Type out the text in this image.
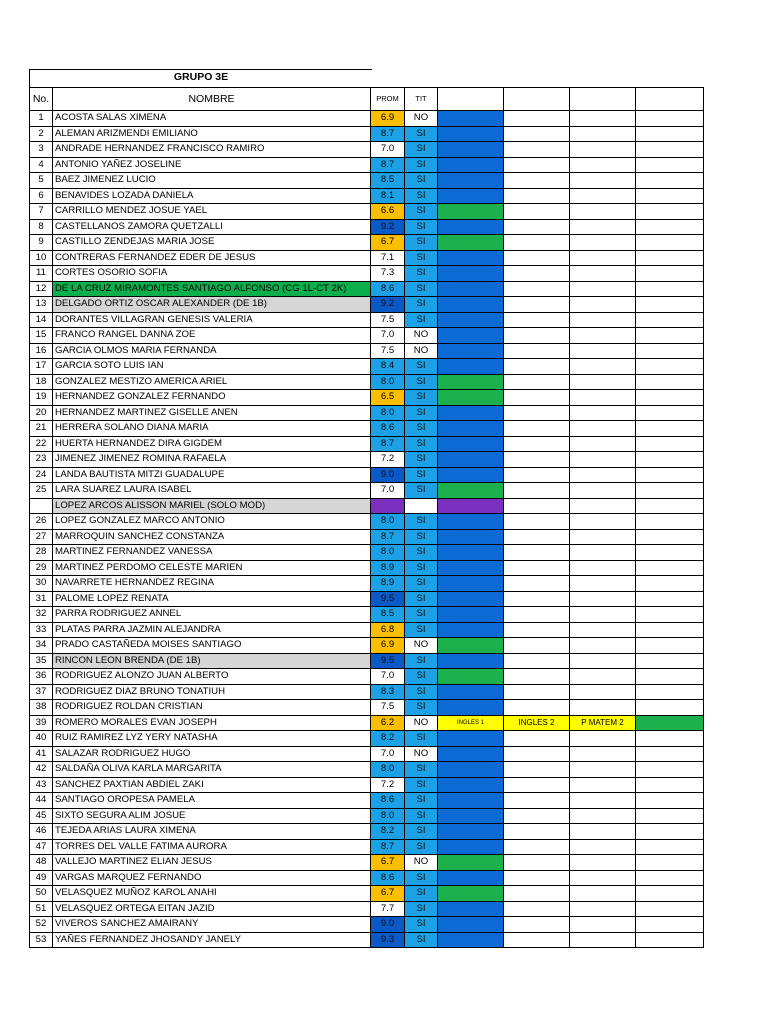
GRUPO 3E
No.	NOMBRE	PROM	TIT				
1	ACOSTA SALAS XIMENA	6.9	NO				
2	ALEMAN ARIZMENDI EMILIANO	8.7	SI				
3	ANDRADE HERNANDEZ FRANCISCO RAMIRO	7.0	SI				
4	ANTONIO YAÑEZ JOSELINE	8.7	SI				
5	BAEZ JIMENEZ LUCIO	8.5	SI				
6	BENAVIDES LOZADA DANIELA	8.1	SI				
7	CARRILLO MENDEZ JOSUE YAEL	6.6	SI				
8	CASTELLANOS ZAMORA QUETZALLI	9.2	SI				
9	CASTILLO ZENDEJAS MARIA JOSE	6.7	SI				
10	CONTRERAS FERNANDEZ EDER DE JESUS	7.1	SI				
11	CORTES OSORIO SOFIA	7.3	SI				
12	DE LA CRUZ MIRAMONTES SANTIAGO ALFONSO (CG 1L-CT 2K)	8.6	SI				
13	DELGADO ORTIZ OSCAR ALEXANDER (DE 1B)	9.2	SI				
14	DORANTES VILLAGRAN GENESIS VALERIA	7.5	SI				
15	FRANCO RANGEL DANNA ZOE	7.0	NO				
16	GARCIA OLMOS MARIA FERNANDA	7.5	NO				
17	GARCIA SOTO LUIS IAN	8.4	SI				
18	GONZALEZ MESTIZO AMERICA ARIEL	8.0	SI				
19	HERNANDEZ GONZALEZ FERNANDO	6.5	SI				
20	HERNANDEZ MARTINEZ GISELLE ANEN	8.0	SI				
21	HERRERA SOLANO DIANA MARIA	8.6	SI				
22	HUERTA HERNANDEZ DIRA GIGDEM	8.7	SI				
23	JIMENEZ JIMENEZ ROMINA RAFAELA	7.2	SI				
24	LANDA BAUTISTA MITZI GUADALUPE	9.0	SI				
25	LARA SUAREZ LAURA ISABEL	7.0	SI				
	LOPEZ ARCOS ALISSON MARIEL (SOLO MOD)						
26	LOPEZ GONZALEZ MARCO ANTONIO	8.0	SI				
27	MARROQUIN SANCHEZ CONSTANZA	8.7	SI				
28	MARTINEZ FERNANDEZ VANESSA	8.0	SI				
29	MARTINEZ PERDOMO CELESTE MARIEN	8.9	SI				
30	NAVARRETE HERNANDEZ REGINA	8.9	SI				
31	PALOME LOPEZ RENATA	9.5	SI				
32	PARRA RODRIGUEZ ANNEL	8.5	SI				
33	PLATAS PARRA JAZMIN ALEJANDRA	6.8	SI				
34	PRADO CASTAÑEDA MOISES SANTIAGO	6.9	NO				
35	RINCON LEON BRENDA (DE 1B)	9.5	SI				
36	RODRIGUEZ ALONZO JUAN ALBERTO	7.0	SI				
37	RODRIGUEZ DIAZ BRUNO TONATIUH	8.3	SI				
38	RODRIGUEZ ROLDAN CRISTIAN	7.5	SI				
39	ROMERO MORALES EVAN JOSEPH	6.2	NO	INGLES 1	INGLES 2	P MATEM 2	
40	RUIZ RAMIREZ LYZ YERY NATASHA	8.2	SI				
41	SALAZAR RODRIGUEZ HUGO	7.0	NO				
42	SALDAÑA OLIVA KARLA MARGARITA	8.0	SI				
43	SANCHEZ PAXTIAN ABDIEL ZAKI	7.2	SI				
44	SANTIAGO OROPESA PAMELA	8.6	SI				
45	SIXTO SEGURA ALIM JOSUE	8.0	SI				
46	TEJEDA ARIAS LAURA XIMENA	8.2	SI				
47	TORRES DEL VALLE FATIMA AURORA	8.7	SI				
48	VALLEJO MARTINEZ ELIAN JESUS	6.7	NO				
49	VARGAS MARQUEZ FERNANDO	8.6	SI				
50	VELASQUEZ MUÑOZ KAROL ANAHI	6.7	SI				
51	VELASQUEZ ORTEGA EITAN JAZID	7.7	SI				
52	VIVEROS SANCHEZ AMAIRANY	9.0	SI				
53	YAÑES FERNANDEZ JHOSANDY JANELY	9.3	SI				
